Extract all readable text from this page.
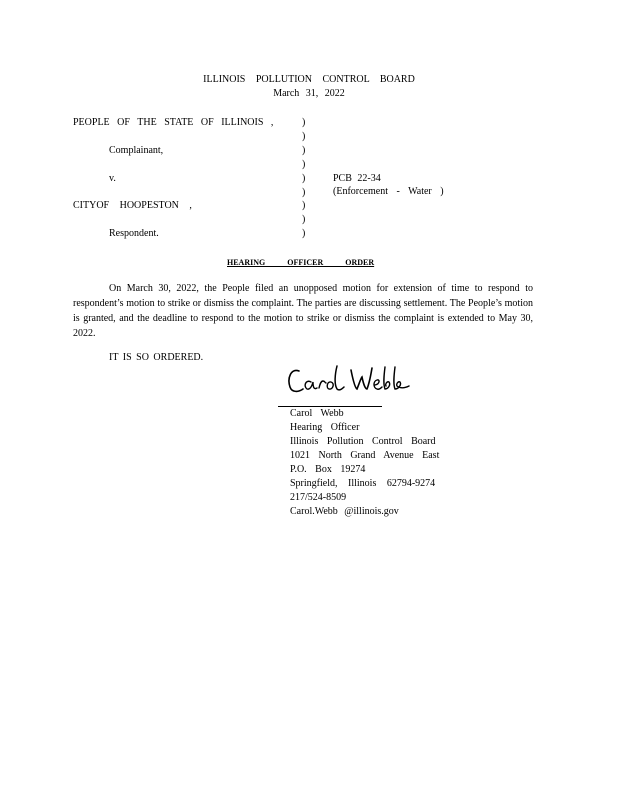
ILLINOIS POLLUTION CONTROL BOARD
March 31, 2022
PEOPLE OF THE STATE OF ILLINOIS ,
Complainant,
v.
CITYOF HOOPESTON ,
Respondent.
)
)
)
)
)
)
)
)
)
PCB 22-34
(Enforcement - Water )
HEARING OFFICER ORDER
On March 30, 2022, the People filed an unopposed motion for extension of time to respond to respondent’s motion to strike or dismiss the complaint. The parties are discussing settlement. The People’s motion is granted, and the deadline to respond to the motion to strike or dismiss the complaint is extended to May 30, 2022.
IT IS SO ORDERED.
Carol Webb
Hearing Officer
Illinois Pollution Control Board
1021 North Grand Avenue East
P.O. Box 19274
Springfield, Illinois 62794-9274
217/524-8509
Carol.Webb @illinois.gov
